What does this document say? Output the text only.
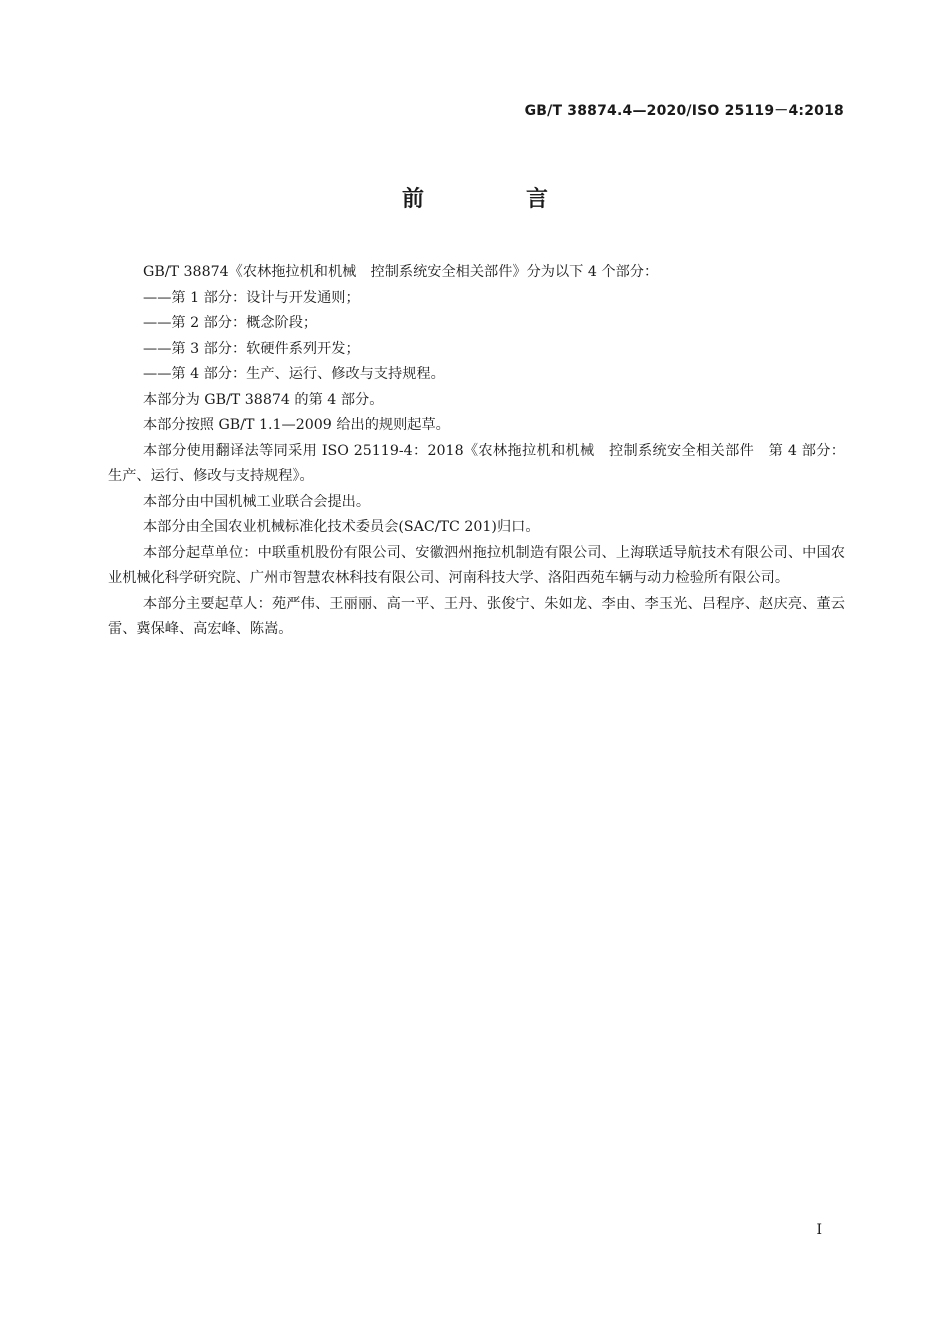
GB/T 38874.4—2020/ISO 25119－4:2018
前　言

GB/T 38874《农林拖拉机和机械　控制系统安全相关部件》分为以下 4 个部分：

——第 1 部分：设计与开发通则；

——第 2 部分：概念阶段；

——第 3 部分：软硬件系列开发；

——第 4 部分：生产、运行、修改与支持规程。

本部分为 GB/T 38874 的第 4 部分。

本部分按照 GB/T 1.1—2009 给出的规则起草。

本部分使用翻译法等同采用 ISO 25119-4：2018《农林拖拉机和机械　控制系统安全相关部件　第 4 部分：生产、运行、修改与支持规程》。

本部分由中国机械工业联合会提出。

本部分由全国农业机械标准化技术委员会(SAC/TC 201)归口。

本部分起草单位：中联重机股份有限公司、安徽泗州拖拉机制造有限公司、上海联适导航技术有限公司、中国农业机械化科学研究院、广州市智慧农林科技有限公司、河南科技大学、洛阳西苑车辆与动力检验所有限公司。

本部分主要起草人：苑严伟、王丽丽、高一平、王丹、张俊宁、朱如龙、李由、李玉光、吕程序、赵庆亮、董云雷、冀保峰、高宏峰、陈嵩。

I
